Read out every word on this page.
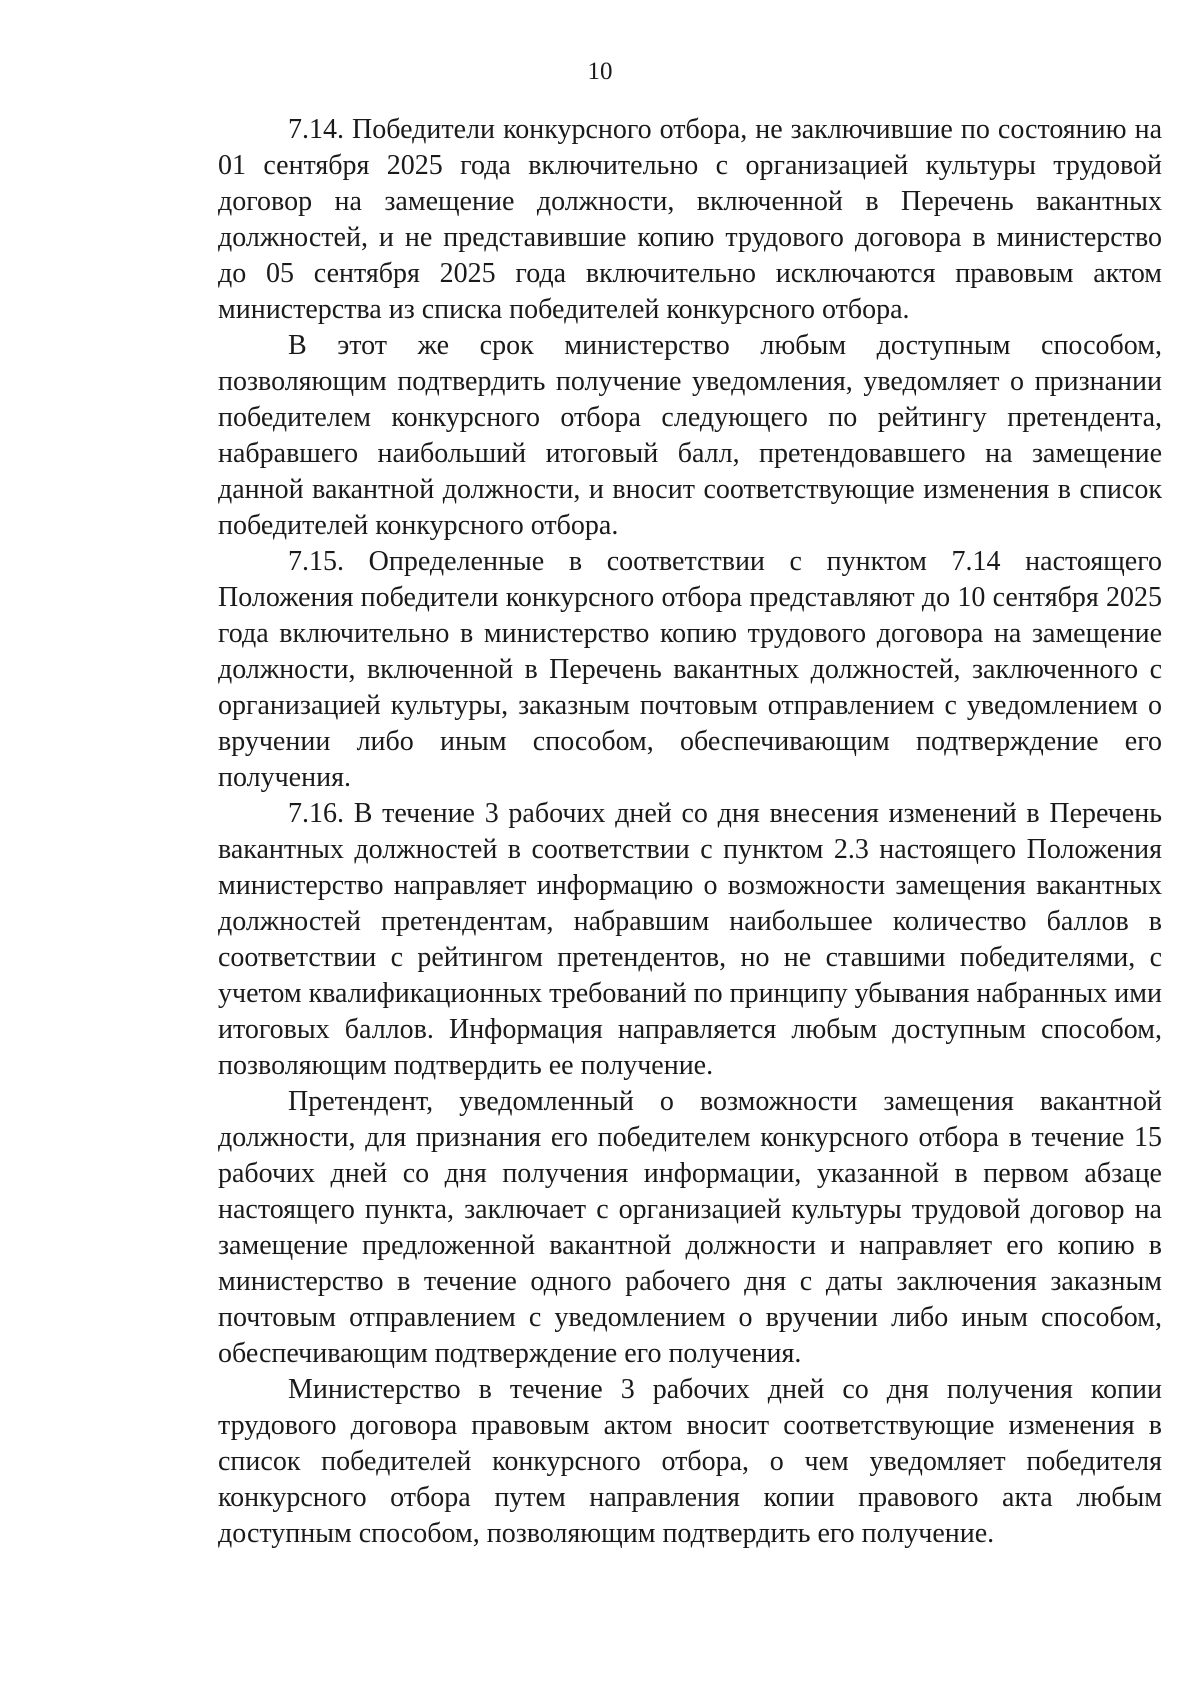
10

7.14. Победители конкурсного отбора, не заключившие по состоянию на 01 сентября 2025 года включительно с организацией культуры трудовой договор на замещение должности, включенной в Перечень вакантных должностей, и не представившие копию трудового договора в министерство до 05 сентября 2025 года включительно исключаются правовым актом министерства из списка победителей конкурсного отбора.

В этот же срок министерство любым доступным способом, позволяющим подтвердить получение уведомления, уведомляет о признании победителем конкурсного отбора следующего по рейтингу претендента, набравшего наибольший итоговый балл, претендовавшего на замещение данной вакантной должности, и вносит соответствующие изменения в список победителей конкурсного отбора.

7.15. Определенные в соответствии с пунктом 7.14 настоящего Положения победители конкурсного отбора представляют до 10 сентября 2025 года включительно в министерство копию трудового договора на замещение должности, включенной в Перечень вакантных должностей, заключенного с организацией культуры, заказным почтовым отправлением с уведомлением о вручении либо иным способом, обеспечивающим подтверждение его получения.

7.16. В течение 3 рабочих дней со дня внесения изменений в Перечень вакантных должностей в соответствии с пунктом 2.3 настоящего Положения министерство направляет информацию о возможности замещения вакантных должностей претендентам, набравшим наибольшее количество баллов в соответствии с рейтингом претендентов, но не ставшими победителями, с учетом квалификационных требований по принципу убывания набранных ими итоговых баллов. Информация направляется любым доступным способом, позволяющим подтвердить ее получение.

Претендент, уведомленный о возможности замещения вакантной должности, для признания его победителем конкурсного отбора в течение 15 рабочих дней со дня получения информации, указанной в первом абзаце настоящего пункта, заключает с организацией культуры трудовой договор на замещение предложенной вакантной должности и направляет его копию в министерство в течение одного рабочего дня с даты заключения заказным почтовым отправлением с уведомлением о вручении либо иным способом, обеспечивающим подтверждение его получения.

Министерство в течение 3 рабочих дней со дня получения копии трудового договора правовым актом вносит соответствующие изменения в список победителей конкурсного отбора, о чем уведомляет победителя конкурсного отбора путем направления копии правового акта любым доступным способом, позволяющим подтвердить его получение.
